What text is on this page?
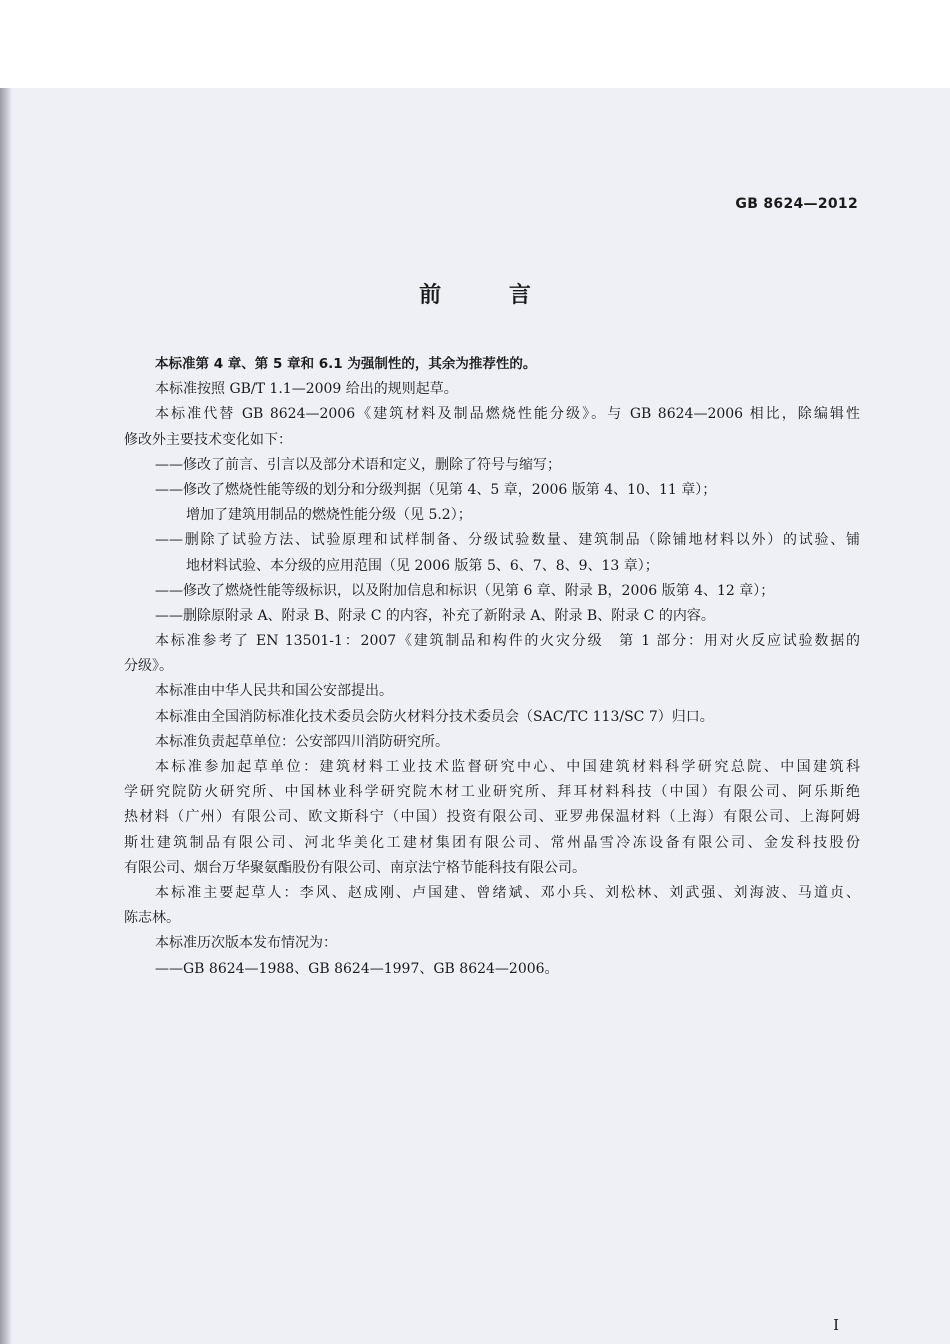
GB 8624—2012
前 言
本标准第 4 章、第 5 章和 6.1 为强制性的，其余为推荐性的。
本标准按照 GB/T 1.1—2009 给出的规则起草。
本标准代替 GB 8624—2006《建筑材料及制品燃烧性能分级》。与 GB 8624—2006 相比，除编辑性
修改外主要技术变化如下：
——修改了前言、引言以及部分术语和定义，删除了符号与缩写；
——修改了燃烧性能等级的划分和分级判据（见第 4、5 章，2006 版第 4、10、11 章）；
增加了建筑用制品的燃烧性能分级（见 5.2）；
——删除了试验方法、试验原理和试样制备、分级试验数量、建筑制品（除铺地材料以外）的试验、铺
地材料试验、本分级的应用范围（见 2006 版第 5、6、7、8、9、13 章）；
——修改了燃烧性能等级标识，以及附加信息和标识（见第 6 章、附录 B，2006 版第 4、12 章）；
——删除原附录 A、附录 B、附录 C 的内容，补充了新附录 A、附录 B、附录 C 的内容。
本标准参考了 EN 13501-1：2007《建筑制品和构件的火灾分级　第 1 部分：用对火反应试验数据的
分级》。
本标准由中华人民共和国公安部提出。
本标准由全国消防标准化技术委员会防火材料分技术委员会（SAC/TC 113/SC 7）归口。
本标准负责起草单位：公安部四川消防研究所。
本标准参加起草单位：建筑材料工业技术监督研究中心、中国建筑材料科学研究总院、中国建筑科
学研究院防火研究所、中国林业科学研究院木材工业研究所、拜耳材料科技（中国）有限公司、阿乐斯绝
热材料（广州）有限公司、欧文斯科宁（中国）投资有限公司、亚罗弗保温材料（上海）有限公司、上海阿姆
斯壮建筑制品有限公司、河北华美化工建材集团有限公司、常州晶雪冷冻设备有限公司、金发科技股份
有限公司、烟台万华聚氨酯股份有限公司、南京法宁格节能科技有限公司。
本标准主要起草人：李风、赵成刚、卢国建、曾绪斌、邓小兵、刘松林、刘武强、刘海波、马道贞、
陈志林。
本标准历次版本发布情况为：
——GB 8624—1988、GB 8624—1997、GB 8624—2006。
I
